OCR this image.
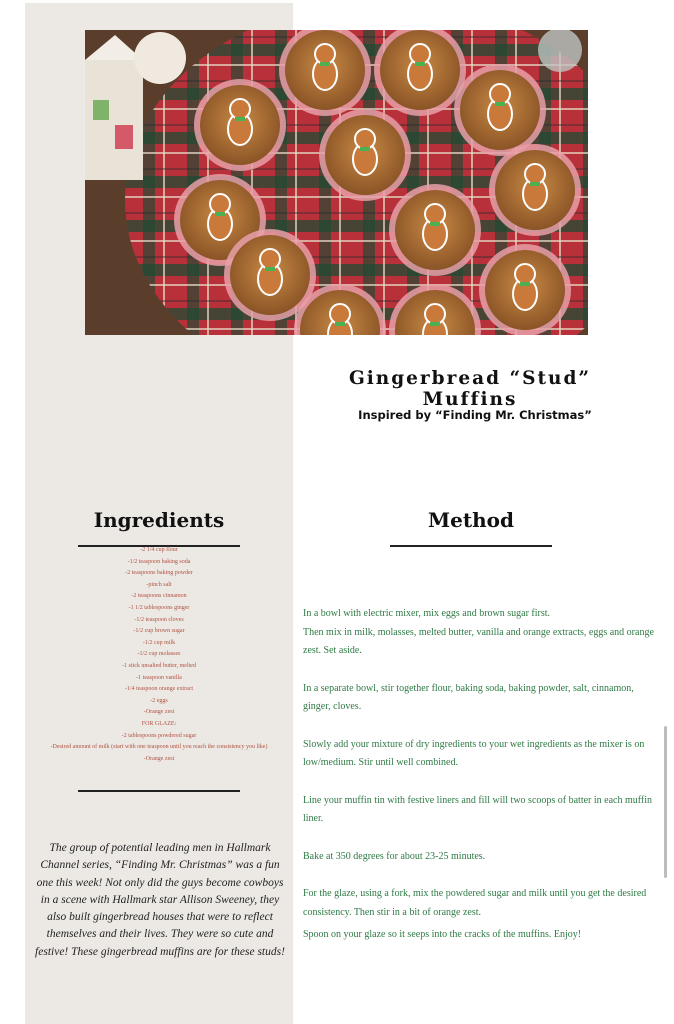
Gingerbread “Stud” Muffins
Inspired by “Finding Mr. Christmas”
Ingredients
-2 1/4 cup flour
-1/2 teaspoon baking soda
-2 teaspoons baking powder
-pinch salt
-2 teaspoons cinnamon
-1 1/2 tablespoons ginger
-1/2 teaspoon cloves
-1/2 cup brown sugar
-1/2 cup milk
-1/2 cup molasses
-1 stick unsalted butter, melted
-1 teaspoon vanilla
-1/4 teaspoon orange extract
-2 eggs
-Orange zest
FOR GLAZE:
-2 tablespoons powdered sugar
-Desired amount of milk (start with one teaspoon until you reach the consistency you like)
-Orange zest

The group of potential leading men in Hallmark Channel series, “Finding Mr. Christmas” was a fun one this week! Not only did the guys become cowboys in a scene with Hallmark star Allison Sweeney, they also built gingerbread houses that were to reflect themselves and their lives. They were so cute and festive! These gingerbread muffins are for these studs!

Method

In a bowl with electric mixer, mix eggs and brown sugar first.

Then mix in milk, molasses, melted butter, vanilla and orange extracts, eggs and orange zest. Set aside.

In a separate bowl, stir together flour, baking soda, baking powder, salt, cinnamon, ginger, cloves.

Slowly add your mixture of dry ingredients to your wet ingredients as the mixer is on low/medium. Stir until well combined.

Line your muffin tin with festive liners and fill will two scoops of batter in each muffin liner.

Bake at 350 degrees for about 23-25 minutes.

For the glaze, using a fork, mix the powdered sugar and milk until you get the desired consistency. Then stir in a bit of orange zest.

Spoon on your glaze so it seeps into the cracks of the muffins. Enjoy!
